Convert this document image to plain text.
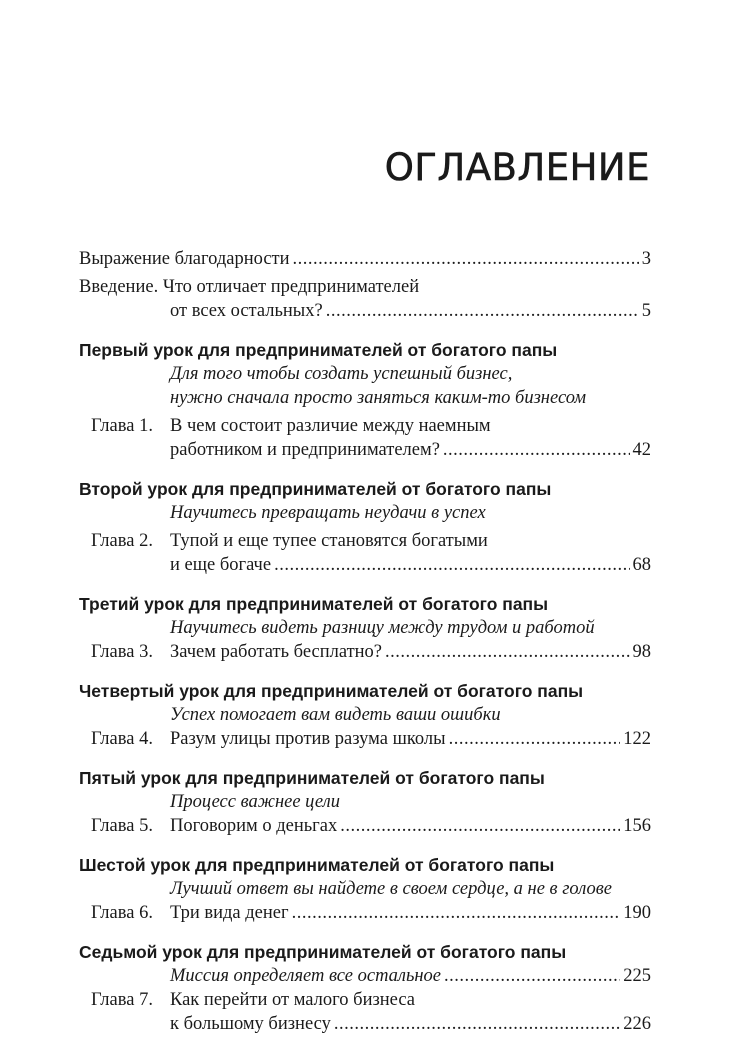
ОГЛАВЛЕНИЕ
Выражение благодарности .....	3
Введение. Что отличает предпринимателей
от всех остальных? .....	5
Первый урок для предпринимателей от богатого папы
Для того чтобы создать успешный бизнес,
нужно сначала просто заняться каким-то бизнесом
Глава 1. В чем состоит различие между наемным
работником и предпринимателем? .....	42
Второй урок для предпринимателей от богатого папы
Научитесь превращать неудачи в успех
Глава 2. Тупой и еще тупее становятся богатыми
и еще богаче .....	68
Третий урок для предпринимателей от богатого папы
Научитесь видеть разницу между трудом и работой
Глава 3. Зачем работать бесплатно? .....	98
Четвертый урок для предпринимателей от богатого папы
Успех помогает вам видеть ваши ошибки
Глава 4. Разум улицы против разума школы .....	122
Пятый урок для предпринимателей от богатого папы
Процесс важнее цели
Глава 5. Поговорим о деньгах .....	156
Шестой урок для предпринимателей от богатого папы
Лучший ответ вы найдете в своем сердце, а не в голове
Глава 6. Три вида денег .....	190
Седьмой урок для предпринимателей от богатого папы
Миссия определяет все остальное .....	225
Глава 7. Как перейти от малого бизнеса
к большому бизнесу .....	226
